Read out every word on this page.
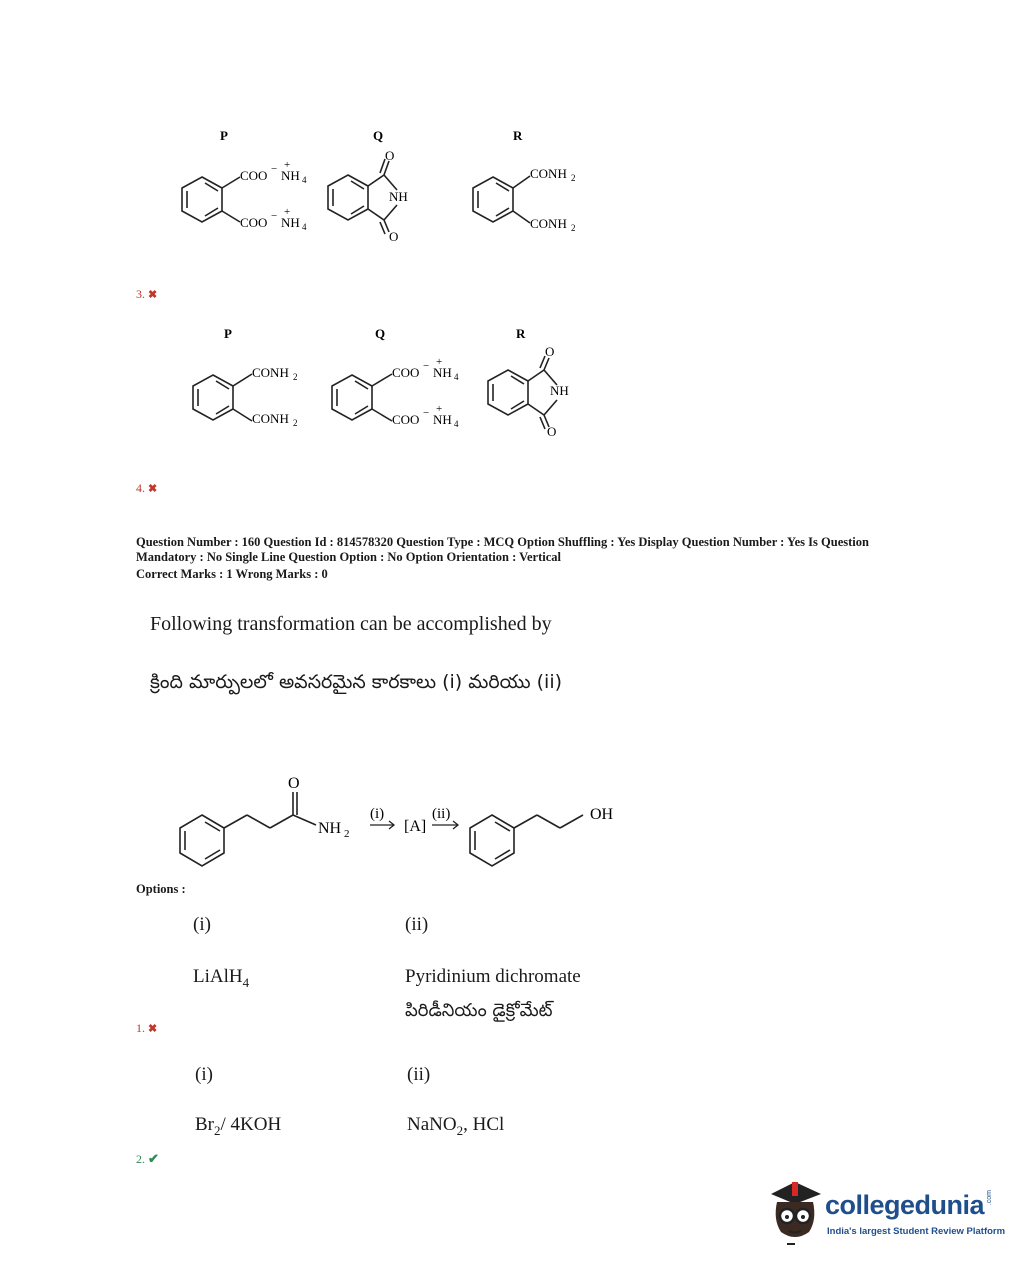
P	Q	R
COO − NH 4
+
COO − NH 4
+
O
NH
O
CONH 2
CONH 2
3. ✖
P	Q	R
CONH 2
CONH 2
COO − NH 4
+
COO − NH 4
+
O
NH
O
4. ✖
Question Number : 160 Question Id : 814578320 Question Type : MCQ Option Shuffling : Yes Display Question Number : Yes Is Question
Mandatory : No Single Line Question Option : No Option Orientation : Vertical
Correct Marks : 1 Wrong Marks : 0
Following transformation can be accomplished by
క్రింది మార్పులలో అవసరమైన కారకాలు (i) మరియు (ii)
O
NH 2
(i)
[A]
(ii)	OH
Options :
(i)	(ii)
LiAlH$_4$	Pyridinium dichromate
పిరిడీనియం డైక్రోమేట్
1. ✖
(i)	(ii)
$Br_2/$ 4KOH	NaNO$_2$, HCl
2. ✔
collegedunia .com
India's largest Student Review Platform
